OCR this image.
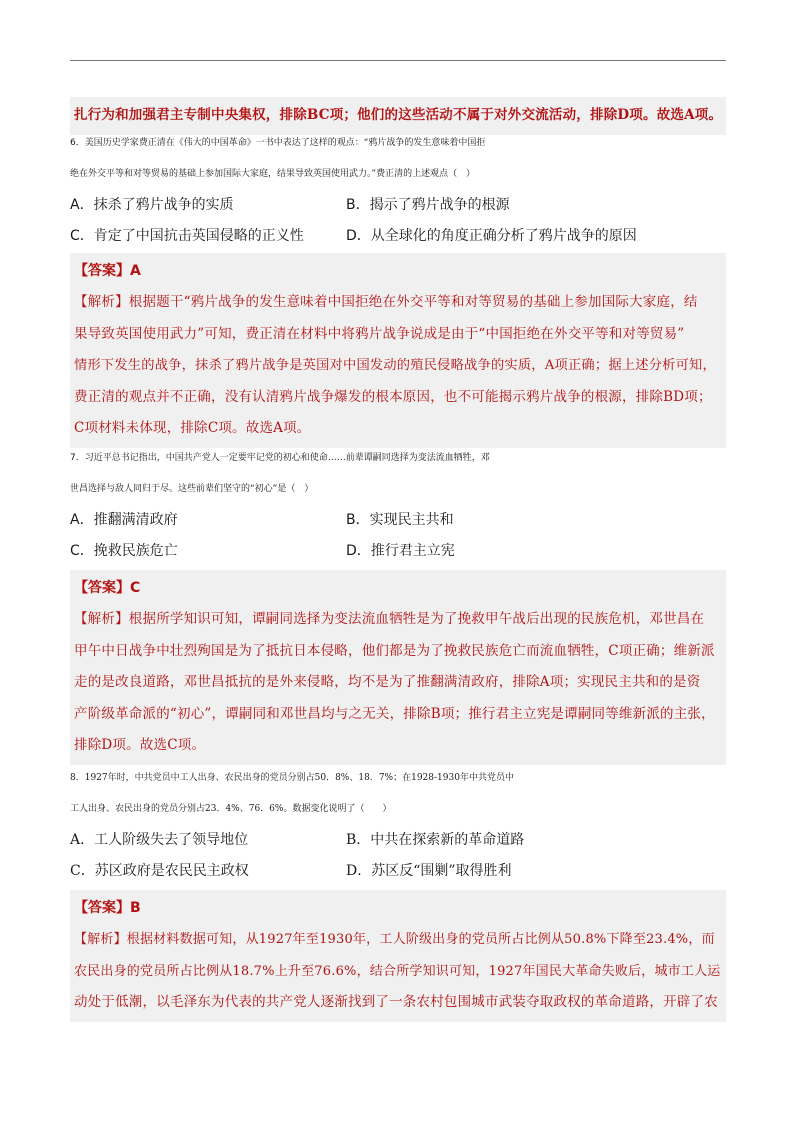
扎行为和加强君主专制中央集权，排除BC项；他们的这些活动不属于对外交流活动，排除D项。故选A项。
6．美国历史学家费正清在《伟大的中国革命》一书中表达了这样的观点：“鸦片战争的发生意味着中国拒
绝在外交平等和对等贸易的基础上参加国际大家庭，结果导致英国使用武力。”费正清的上述观点（　）
A．抹杀了鸦片战争的实质	B．揭示了鸦片战争的根源
C．肯定了中国抗击英国侵略的正义性	D．从全球化的角度正确分析了鸦片战争的原因
【答案】A
【解析】根据题干“鸦片战争的发生意味着中国拒绝在外交平等和对等贸易的基础上参加国际大家庭，结
果导致英国使用武力”可知，费正清在材料中将鸦片战争说成是由于“中国拒绝在外交平等和对等贸易”
情形下发生的战争，抹杀了鸦片战争是英国对中国发动的殖民侵略战争的实质，A项正确；据上述分析可知，
费正清的观点并不正确，没有认清鸦片战争爆发的根本原因，也不可能揭示鸦片战争的根源，排除BD项；
C项材料未体现，排除C项。故选A项。
7．习近平总书记指出，中国共产党人一定要牢记党的初心和使命……前辈谭嗣同选择为变法流血牺牲，邓
世昌选择与敌人同归于尽。这些前辈们坚守的“初心”是（　）
A．推翻满清政府	B．实现民主共和
C．挽救民族危亡	D．推行君主立宪
【答案】C
【解析】根据所学知识可知，谭嗣同选择为变法流血牺牲是为了挽救甲午战后出现的民族危机，邓世昌在
甲午中日战争中壮烈殉国是为了抵抗日本侵略，他们都是为了挽救民族危亡而流血牺牲，C项正确；维新派
走的是改良道路，邓世昌抵抗的是外来侵略，均不是为了推翻满清政府，排除A项；实现民主共和的是资
产阶级革命派的“初心”，谭嗣同和邓世昌均与之无关，排除B项；推行君主立宪是谭嗣同等维新派的主张，
排除D项。故选C项。
8．1927年时，中共党员中工人出身、农民出身的党员分别占50．8%、18．7%；在1928-1930年中共党员中
工人出身、农民出身的党员分别占23．4%、76．6%。数据变化说明了（　　）
A．工人阶级失去了领导地位	B．中共在探索新的革命道路
C．苏区政府是农民民主政权	D．苏区反“围剿”取得胜利
【答案】B
【解析】根据材料数据可知，从1927年至1930年，工人阶级出身的党员所占比例从50.8%下降至23.4%，而
农民出身的党员所占比例从18.7%上升至76.6%，结合所学知识可知，1927年国民大革命失败后，城市工人运
动处于低潮，以毛泽东为代表的共产党人逐渐找到了一条农村包围城市武装夺取政权的革命道路，开辟了农
